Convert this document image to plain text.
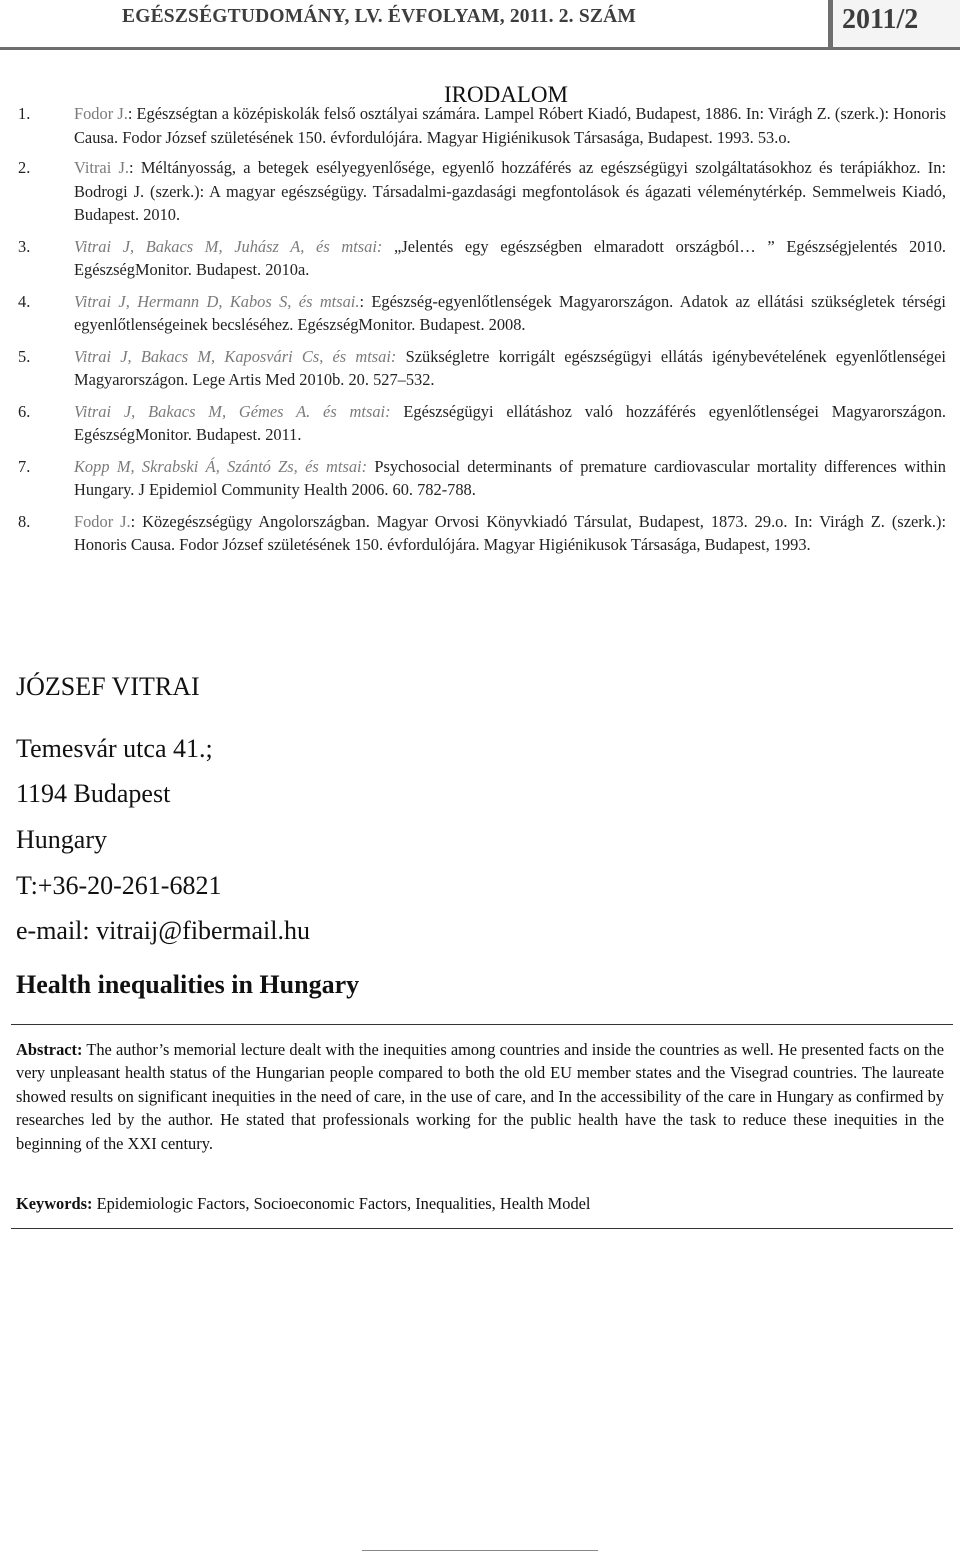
EGÉSZSÉGTUDOMÁNY, LV. ÉVFOLYAM, 2011. 2. SZÁM	2011/2
IRODALOM

1.	Fodor J.: Egészségtan a középiskolák felső osztályai számára. Lampel Róbert Kiadó, Budapest, 1886. In: Virágh Z. (szerk.): Honoris Causa. Fodor József születésének 150. évfordulójára. Magyar Higiénikusok Társasága, Budapest. 1993. 53.o.

2.	Vitrai J.: Méltányosság, a betegek esélyegyenlősége, egyenlő hozzáférés az egészségügyi szolgáltatásokhoz és terápiákhoz. In: Bodrogi J. (szerk.): A magyar egészségügy. Társadalmi-gazdasági megfontolások és ágazati véleménytérkép. Semmelweis Kiadó, Budapest. 2010.

3.	Vitrai J, Bakacs M, Juhász A, és mtsai: „Jelentés egy egészségben elmaradott országból… ” Egészségjelentés 2010. EgészségMonitor. Budapest. 2010a.

4.	Vitrai J, Hermann D, Kabos S, és mtsai.: Egészség-egyenlőtlenségek Magyarországon. Adatok az ellátási szükségletek térségi egyenlőtlenségeinek becsléséhez. EgészségMonitor. Budapest. 2008.

5.	Vitrai J, Bakacs M, Kaposvári Cs, és mtsai: Szükségletre korrigált egészségügyi ellátás igénybevételének egyenlőtlenségei Magyarországon. Lege Artis Med 2010b. 20. 527–532.

6.	Vitrai J, Bakacs M, Gémes A. és mtsai: Egészségügyi ellátáshoz való hozzáférés egyenlőtlenségei Magyarországon. EgészségMonitor. Budapest. 2011.

7.	Kopp M, Skrabski Á, Szántó Zs, és mtsai: Psychosocial determinants of premature cardiovascular mortality differences within Hungary. J Epidemiol Community Health 2006. 60. 782-788.

8.	Fodor J.: Közegészségügy Angolországban. Magyar Orvosi Könyvkiadó Társulat, Budapest, 1873. 29.o. In: Virágh Z. (szerk.): Honoris Causa. Fodor József születésének 150. évfordulójára. Magyar Higiénikusok Társasága, Budapest, 1993.

JÓZSEF VITRAI
Temesvár utca 41.;
1194 Budapest
Hungary
T:+36-20-261-6821
e-mail: vitraij@fibermail.hu
Health inequalities in Hungary
Abstract: The author’s memorial lecture dealt with the inequities among countries and inside the countries as well. He presented facts on the very unpleasant health status of the Hungarian people compared to both the old EU member states and the Visegrad countries. The laureate showed results on significant inequities in the need of care, in the use of care, and In the accessibility of the care in Hungary as confirmed by researches led by the author. He stated that professionals working for the public health have the task to reduce these inequities in the beginning of the XXI century.
Keywords: Epidemiologic Factors, Socioeconomic Factors, Inequalities, Health Model
